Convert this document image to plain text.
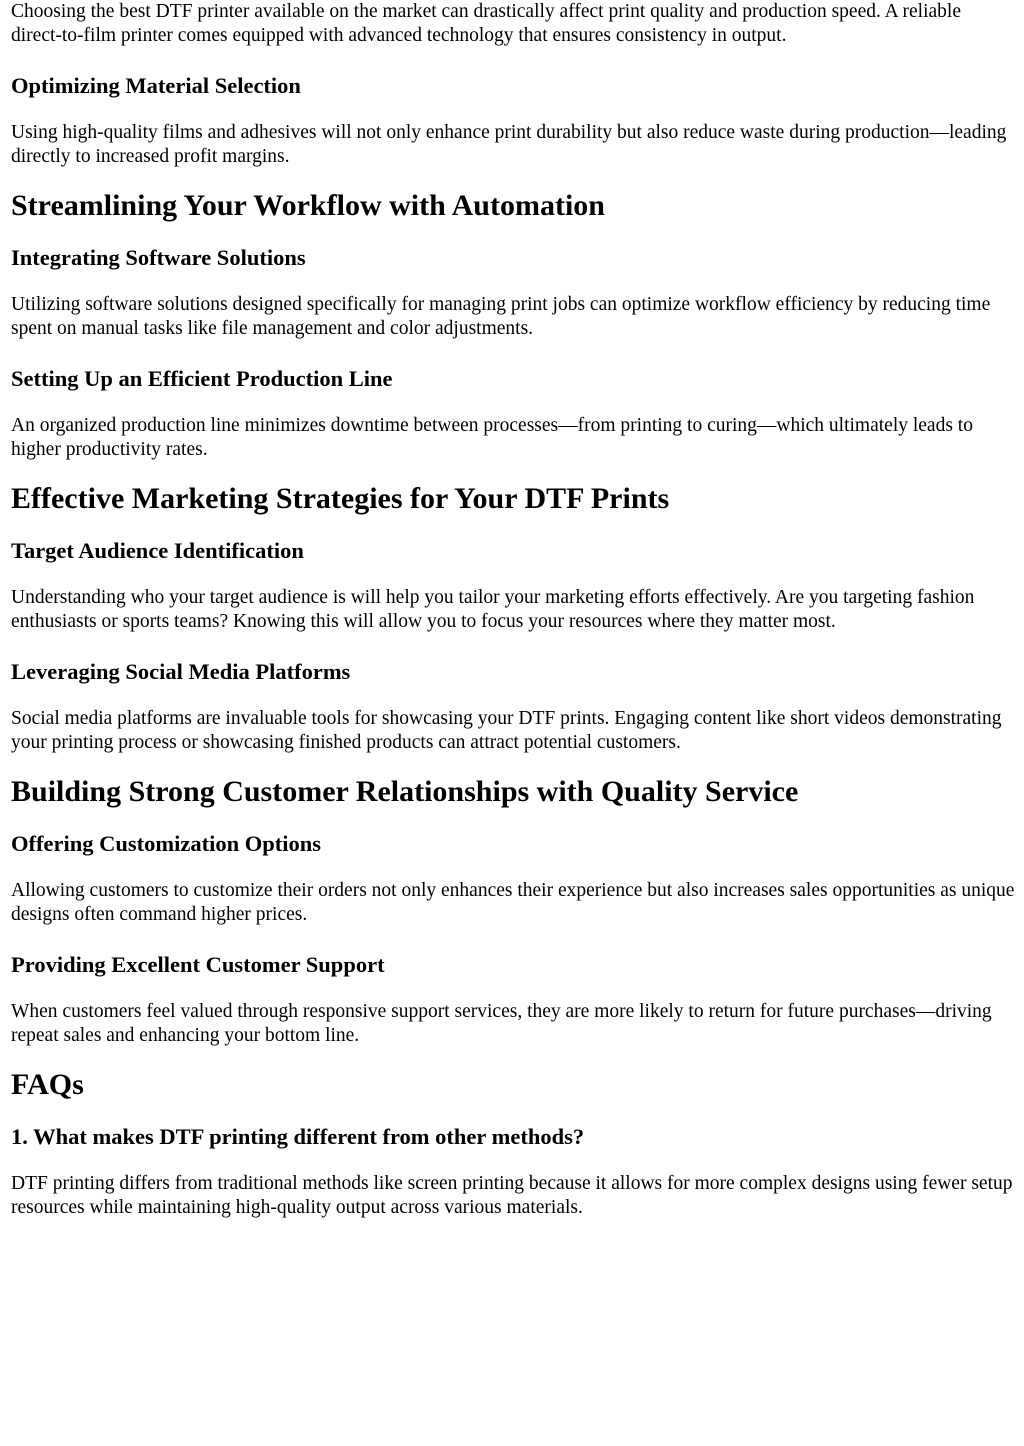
Choosing the best DTF printer available on the market can drastically affect print quality and production speed. A reliable direct-to-film printer comes equipped with advanced technology that ensures consistency in output.

Optimizing Material Selection

Using high-quality films and adhesives will not only enhance print durability but also reduce waste during production—leading directly to increased profit margins.

Streamlining Your Workflow with Automation
Integrating Software Solutions

Utilizing software solutions designed specifically for managing print jobs can optimize workflow efficiency by reducing time spent on manual tasks like file management and color adjustments.

Setting Up an Efficient Production Line

An organized production line minimizes downtime between processes—from printing to curing—which ultimately leads to higher productivity rates.

Effective Marketing Strategies for Your DTF Prints
Target Audience Identification

Understanding who your target audience is will help you tailor your marketing efforts effectively. Are you targeting fashion enthusiasts or sports teams? Knowing this will allow you to focus your resources where they matter most.

Leveraging Social Media Platforms

Social media platforms are invaluable tools for showcasing your DTF prints. Engaging content like short videos demonstrating your printing process or showcasing finished products can attract potential customers.

Building Strong Customer Relationships with Quality Service
Offering Customization Options

Allowing customers to customize their orders not only enhances their experience but also increases sales opportunities as unique designs often command higher prices.

Providing Excellent Customer Support

When customers feel valued through responsive support services, they are more likely to return for future purchases—driving repeat sales and enhancing your bottom line.

FAQs
1. What makes DTF printing different from other methods?

DTF printing differs from traditional methods like screen printing because it allows for more complex designs using fewer setup resources while maintaining high-quality output across various materials.
